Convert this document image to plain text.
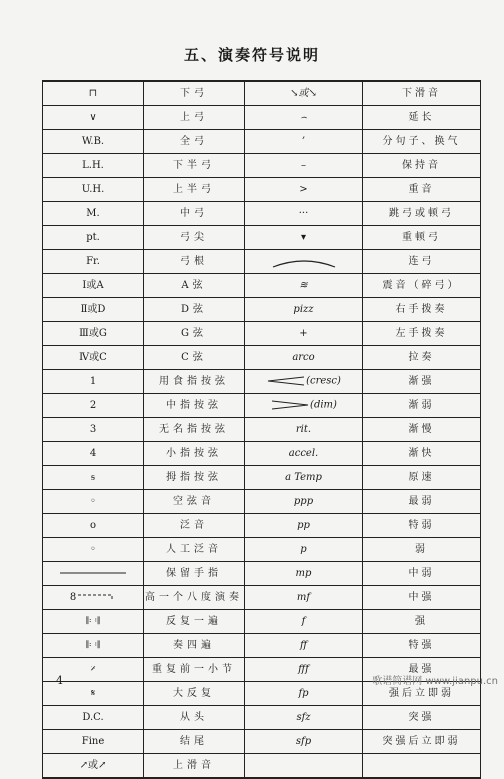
五、演奏符号说明
⊓	下弓	↘或↘	下滑音
∨	上弓	⌢	延长
W.B.	全弓	’	分句子、换气
L.H.	下半弓	–	保持音
U.H.	上半弓	>	重音
M.	中弓	···	跳弓或顿弓
pt.	弓尖	▾	重顿弓
Fr.	弓根		连弓
Ⅰ或A	A弦	≋	震音（碎弓）
Ⅱ或D	D弦	pizz	右手拨奏
Ⅲ或G	G弦	+	左手拨奏
Ⅳ或C	C弦	arco	拉奏
1	用食指按弦	(cresc)	渐强
2	中指按弦	(dim)	渐弱
3	无名指按弦	rit.	渐慢
4	小指按弦	accel.	渐快
ᵴ	拇指按弦	a Temp	原速
◦	空弦音	ppp	最弱
o	泛音	pp	特弱
◦	人工泛音	p	弱
	保留手指	mp	中弱
8	高一个八度演奏	mf	中强
𝄆 𝄇	反复一遍	f	强
𝄆 𝄇	奏四遍	ff	特强
𝄎	重复前一小节	fff	最强
𝄋	大反复	fp	强后立即弱
D.C.	从头	sfz	突强
Fine	结尾	sfp	突强后立即弱
↗或↗	上滑音		
4	歌谱简谱网 www.jianpu.cn
